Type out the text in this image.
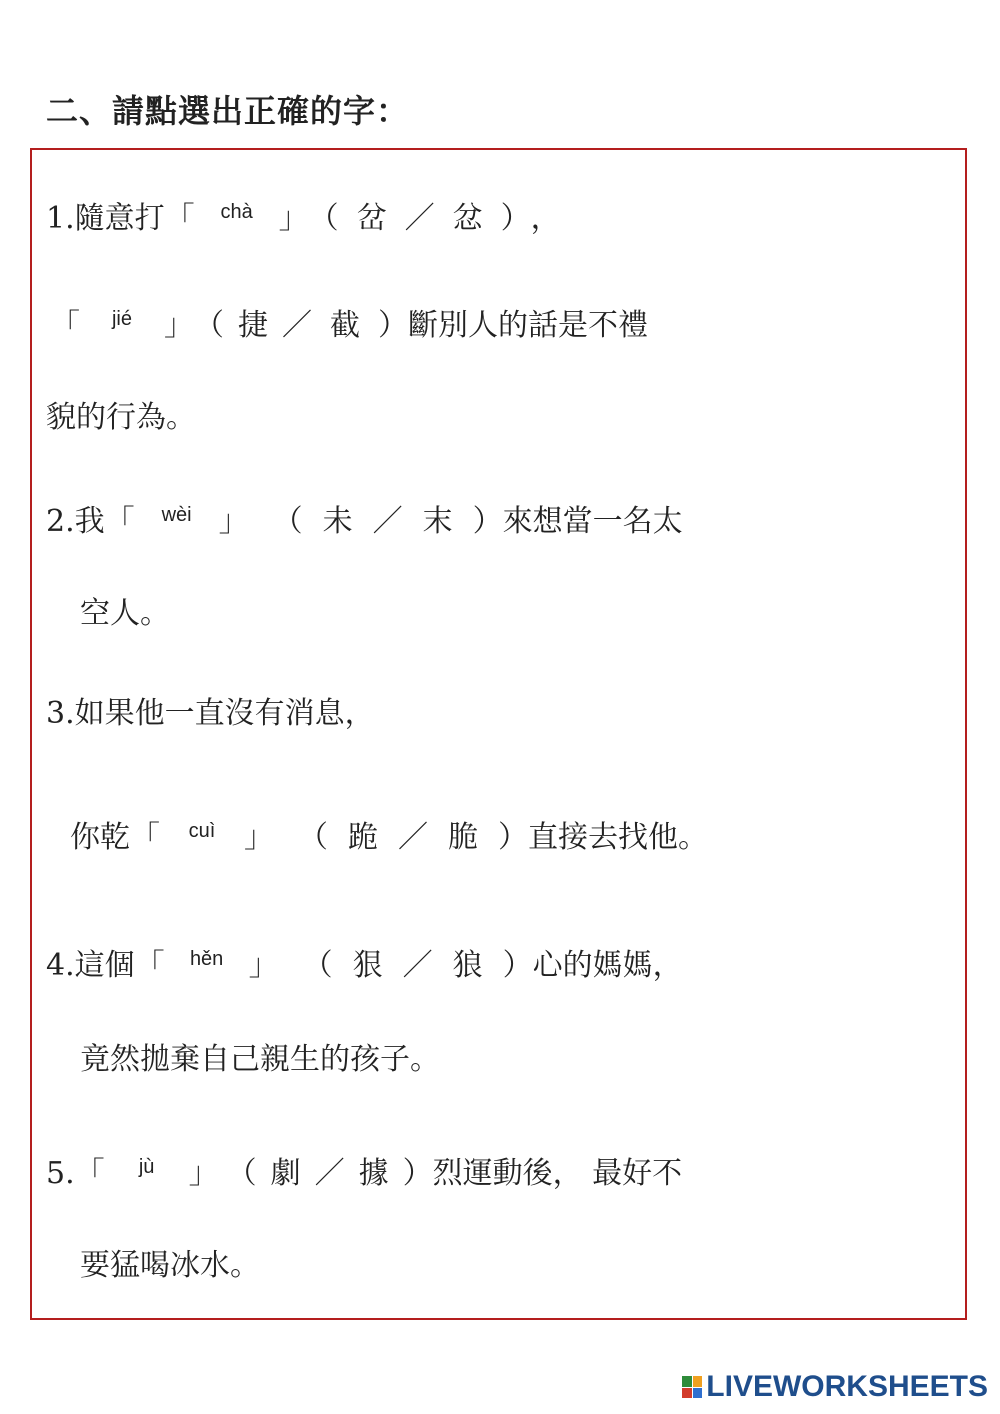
二、請點選出正確的字：
1.隨意打 「	chà 」 （ 岔 ／ 忿 ） ，
「	jié	」 （ 捷 ／ 截 ） 斷別人的話是不禮
貌的行為。
2.我 「	wèi 」 （ 未 ／ 末 ） 來想當一名太
空人。
3.如果他一直沒有消息，
你乾 「	cuì 」 （ 跪 ／ 脆 ） 直接去找他。
4.這個 「	hěn 」 （ 狠 ／ 狼 ） 心的媽媽，
竟然拋棄自己親生的孩子。
5. 「	jù	」 （ 劇 ／ 據 ） 烈運動後， 最好不
要猛喝冰水。
LIVEWORKSHEETS
